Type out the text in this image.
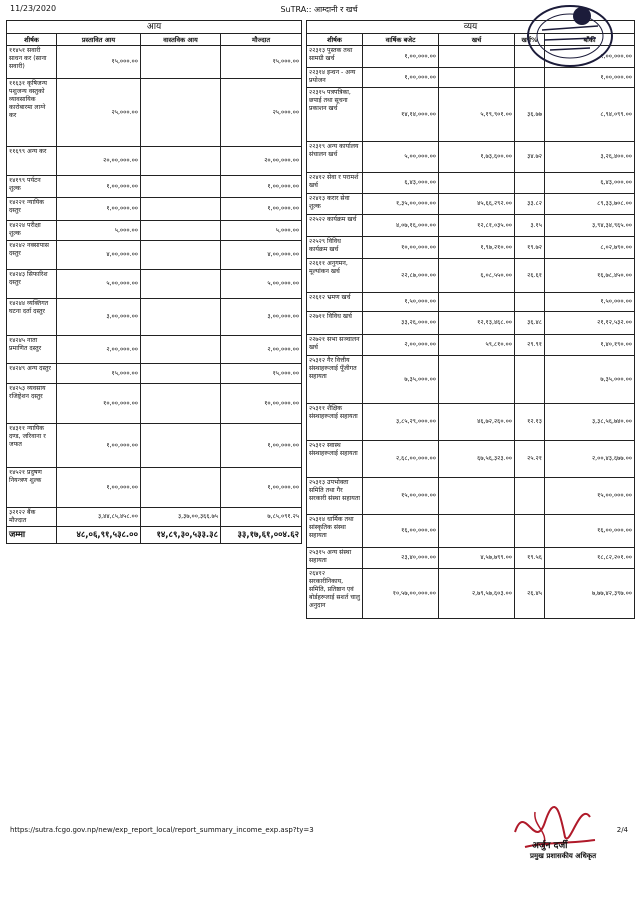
11/23/2020	SuTRA:: आम्दानी र खर्च
आय			
शीर्षक	प्रस्तावित आय	वास्तविक आय	मौज्दात
११४५१ सवारी साधन कर (साना सवारी)	१५,०००.००		१५,०००.००
११६३१ कृषिजन्य पशुजन्य वस्तुको व्यावसायिक कारोबारमा लाग्ने कर	२५,०००.००		२५,०००.००
११६९९ अन्य कर	२०,००,०००.००		२०,००,०००.००
१४१९९ पर्यटन शुल्क	१,००,०००.००		१,००,०००.००
१४२२१ न्यायिक दस्तुर	१,००,०००.००		१,००,०००.००
१४२२४ परीक्षा शुल्क	५,०००.००		५,०००.००
१४२४२ नक्सापास दस्तुर	४,००,०००.००		४,००,०००.००
१४२४३ सिफारिश दस्तुर	५,००,०००.००		५,००,०००.००
१४२४४ व्यक्तिगत घटना दर्ता दस्तुर	३,००,०००.००		३,००,०००.००
१४२४५ नाता प्रमाणित दस्तुर	२,००,०००.००		२,००,०००.००
१४२४९ अन्य दस्तुर	१५,०००.००		१५,०००.००
१४२५३ व्यवसाय रजिष्ट्रेशन दस्तुर	१०,००,०००.००		१०,००,०००.००
१४३११ न्यायिक दण्ड, जरिवाना र जफत	१,००,०००.००		१,००,०००.००
१४५२१ प्रदुषण नियन्त्रण शुल्क	१,००,०००.००		१,००,०००.००
३२१२२ बैंक मौज्दात	३,४४,८५,४५८.००	३,३७,००,३६६.७५	७,८५,०९१.२५
जम्मा	४८,०६,९१,५३८.००	१४,८९,३०,५३३.३८	३३,१७,६१,००४.६२
व्यय				
शीर्षक	वार्षिक बजेट	खर्च	खर्च%	बाँकी
२२३१३ पुस्तक तथा सामग्री खर्च	१,००,०००.००			१,००,०००.००
२२३१४ इन्धन - अन्य प्रयोजन	१,००,०००.००			१,००,०००.००
२२३१५ पत्रपत्रिका, छपाई तथा सूचना प्रकाशन खर्च	१४,१४,०००.००	५,१९,९०१.००	३६.७७	८,९४,०९९.००
२२३१९ अन्य कार्यालय संचालन खर्च	५,००,०००.००	१,७३,६००.००	३४.७२	३,२६,४००.००
२२४१२ सेवा र परामर्श खर्च	६,४३,०००.००			६,४३,०००.००
२२४१३ करार सेवा शुल्क	१,३५,००,०००.००	४५,६६,२९२.००	३३.८२	८९,३३,७०८.००
२२५२२ कार्यक्रम खर्च	४,०७,१६,०००.००	१२,८१,०३५.००	३.१५	३,९४,३४,९६५.००
२२५२९ विविध कार्यक्रम खर्च	१०,००,०००.००	१,९७,२१०.००	१९.७२	८,०२,७९०.००
२२६११ अनुगमन, मूल्यांकन खर्च	२२,८७,०००.००	६,०८,५५०.००	२६.६१	१६,७८,४५०.००
२२६१२ भ्रमण खर्च	१,५०,०००.००			१,५०,०००.००
२२७११ विविध खर्च	३३,२६,०००.००	१२,१३,४६८.००	३६.४८	२१,१२,५३२.००
२२७२१ सभा सञ्चालन खर्च	२,००,०००.००	५९,८१०.००	२९.९१	१,४०,१९०.००
२५३१२ गैर वित्तीय संस्थाहरूलाई पूँजीगत सहायता	७,३५,०००.००			७,३५,०००.००
२५३११ शैक्षिक संस्थाहरूलाई सहायता	३,८५,२९,०००.००	४६,७२,२६०.००	१२.१३	३,३८,५६,७४०.००
२५३१२ स्वास्थ संस्थाहरूलाई सहायता	२,६८,००,०००.००	६७,५६,३२३.००	२५.२१	२,००,४३,६७७.००
२५३१३ उपभोक्ता समिति तथा गैर सरकारी संस्था सहायता	१५,००,०००.००			१५,००,०००.००
२५३१४ धार्मिक तथा सांस्कृतिक संस्था सहायता	१६,००,०००.००			१६,००,०००.००
२५३१५ अन्य संस्था सहायता	२३,४०,०००.००	४,५७,७९९.००	१९.५६	१८,८२,२०१.००
२६४१२ सरकारीनिकाय, समिति, प्रतिष्ठान एवं बोर्डहरूलाई सशर्त चालु अनुदान	१०,५७,००,०००.००	२,७९,५७,६०३.००	२६.४५	७,७७,४२,३९७.००
https://sutra.fcgo.gov.np/new/exp_report_local/report_summary_income_exp.asp?ty=3	2/4
अर्जुन दर्जी
प्रमुख प्रशासकीय अधिकृत
